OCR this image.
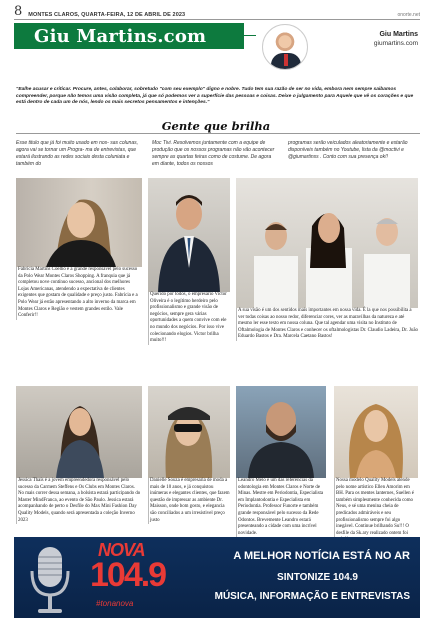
8 MONTES CLAROS, QUARTA-FEIRA, 12 DE ABRIL DE 2023	onorte.net
Giu Martins.com	Giu Martins
giumartins.com

"Ealhe acusar e criticar. Procure, antes, colaborar, sobretudo "com seu exemplo" digno e nobre. Tudo tem sua razão de ser no vida, embora nem sempre saibamos compreender, porque não temos uma visão completa, já que só podemos ver a superfície das pessoas e coisas. Deixe o julgamento para Aquele que vê os corações e que está dentro de cada um de nós, lendo os mais secretos pensamentos e intenções."

Gente que brilha

Esse titulo que já foi muito usado em nos- sas colunas, agora vai se tornar um Progra- ma de entrevistas, que estará ilustrando as redes sociais desta coluniata e também do

Moc Tivi. Resolvemos juntamente com a equipe de produção que os nossos programas não vão acontecer sempre as quartas feiras como de costume. De agora em diante, todos os nossos

programas serão veiculados aleatoriamente e estarão disponíveis também no Youtube, lista da @moctivi e @giumartinss . Conto com sua presença ok!!

Fabrícia Martins Coelho é a grande responsável pelo sucesso da Polo Wear Montes Claros Shopping. A franquia que já completou nove contínuo sucesso, ancional dos melhores Lojas Americanas, atendendo a expectativa de clientes exigentes que gostam de qualidade e preço justo. Fabrícia e a Polo Wear já estão apresentando a alto inverno da marca em Montes Claros e Região e vestem grandes estilo. Vale Conferir!!
Querido por todos, o empresário Victor Oliveira é o legítimo herdeiro pelo profissionalismo e grande visão de negócios, sempre gera várias oportunidades a quem convive com ele no mundo dos negócios. Por isso vive colecionando elogios. Victor brilha muito!!!
A sua visão é um dos sentidos mais importantes em nossa vida. É la que nos possibilita a ver todas coisas ao nosso redor, diferenciar cores, ver as maravilhas da natureza e até mesmo ler esse texto em nossa coluna. Que tal agendar uma visita no Instituto de Oftalmologia de Montes Claros e conhecer os oftalmologistas Dr. Claudio Ladeira, Dr. João Eduardo Bastos e Dra. Marcela Caetano Bastos!
Jessica Thaís é a jovem empreendedora responsável pelo sucesso da Carmem Steffens e Os Clubs em Montes Claros. No mais correr dessa semana, a bolsista estará participando do Master MindFranca, ao evento de São Paulo. Jessica estará acompanhando de perto o Desfile do Max Mini Fashion Day Quality Models, quando será apresentada a coleção Inverno 2023
Danielle Souza é empresaria de moda a mais de 10 anos, e já conquistou inúmeras e elegantes clientes, que fazem questão de impressar as ambiente Dr. Maisson, onde bom gosto, e elegancia são conciliados a um irresistivel preço justo
Leandro Melo é um das referências da odontologia em Montes Claros e Norte de Minas. Mestre em Periodontia, Especialista em Implantodontia e Especialista em Periodontia. Professor Funorte e também grande responsável pelo sucesso da Rede Odontos. Brevemente Leandro estará presenteando a cidade com uma incrível novidade.
Nossa modelo Quality Models atende pelo nome artístico Ellen Amorim em BH. Para os mentes lanternes, Suellen é também simplesmente conhecida como Neus, e sé uma menina cheia de predicados admiráveis e seu profissionalismo sempre foi algo inegável. Continue brilhando Su!!! O desfile da Sk.ary realizado ontem foi
NOVA
104.9
#tonanova
A MELHOR NOTÍCIA ESTÁ NO AR
SINTONIZE 104.9
MÚSICA, INFORMAÇÃO E ENTREVISTAS
